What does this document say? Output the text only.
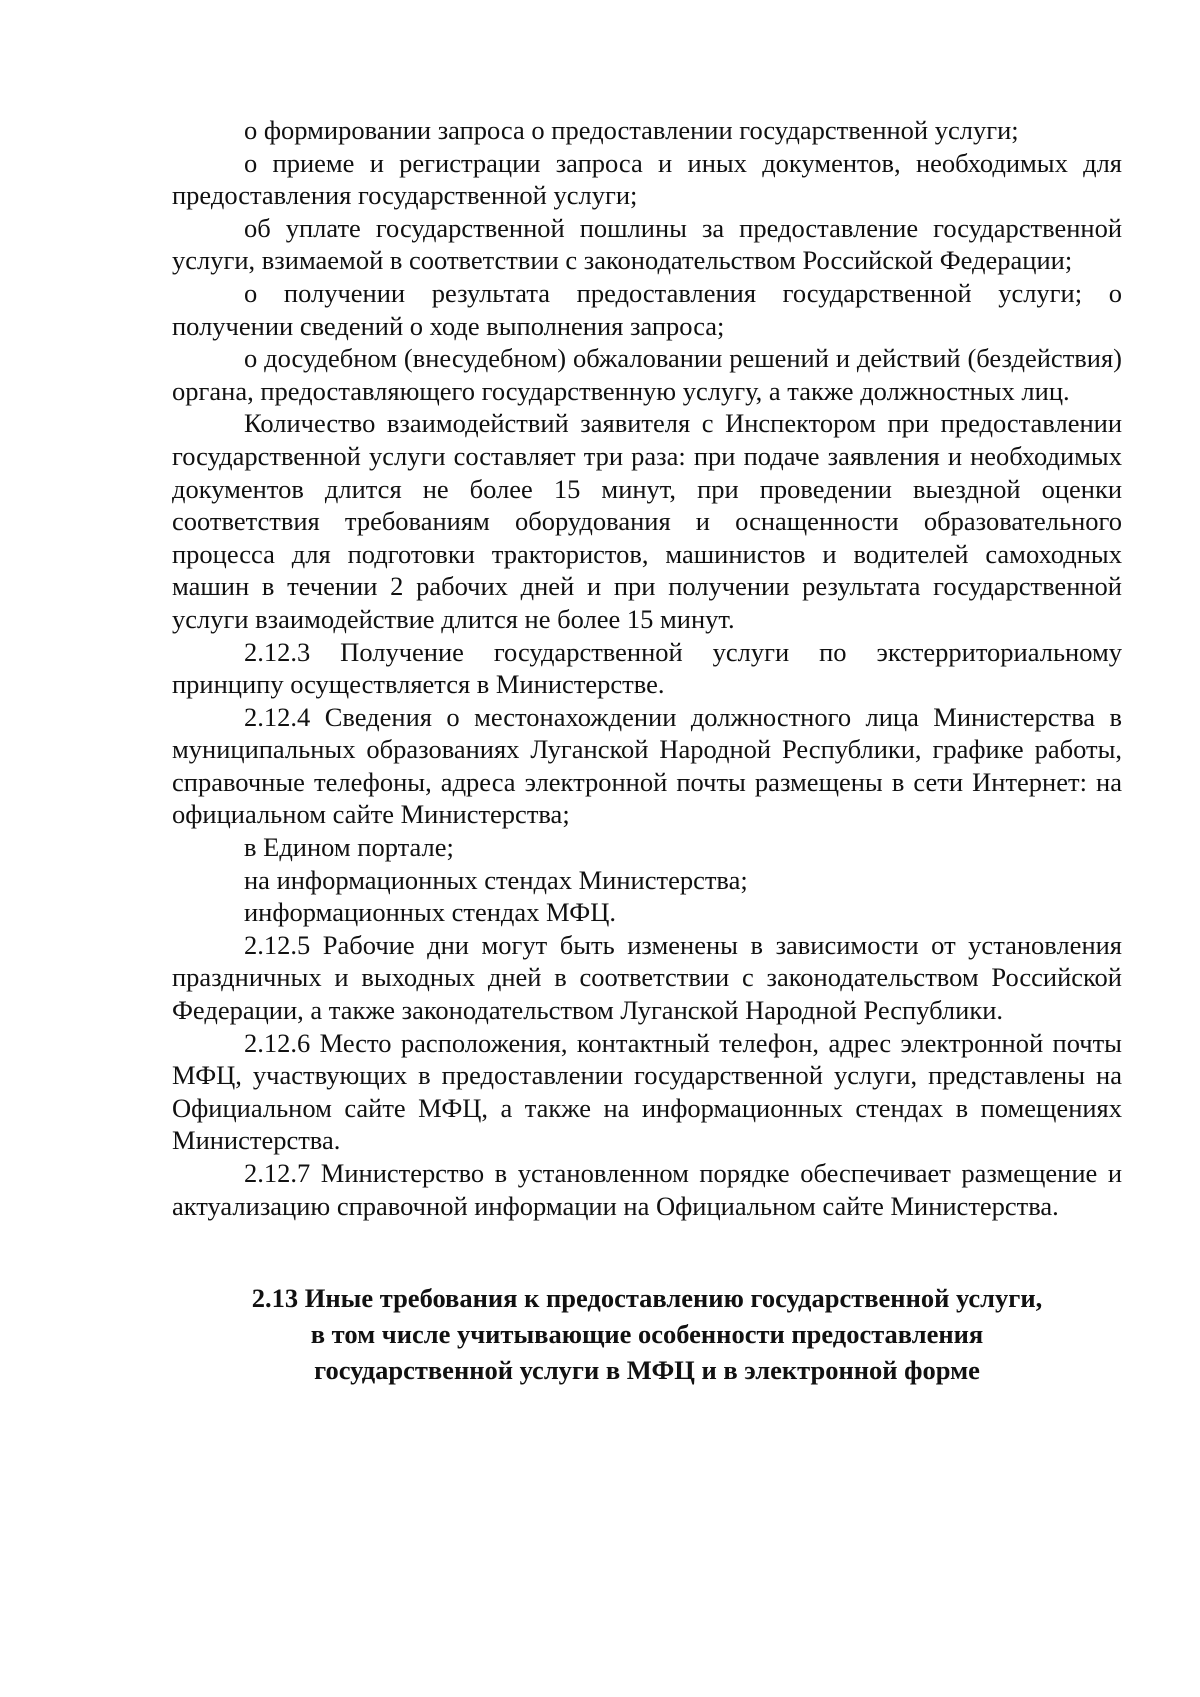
о формировании запроса о предоставлении государственной услуги;

о приеме и регистрации запроса и иных документов, необходимых для предоставления государственной услуги;

об уплате государственной пошлины за предоставление государственной услуги, взимаемой в соответствии с законодательством Российской Федерации;

о получении результата предоставления государственной услуги; о получении сведений о ходе выполнения запроса;

о досудебном (внесудебном) обжаловании решений и действий (бездействия) органа, предоставляющего государственную услугу, а также должностных лиц.

Количество взаимодействий заявителя с Инспектором при предоставлении государственной услуги составляет три раза: при подаче заявления и необходимых документов длится не более 15 минут, при проведении выездной оценки соответствия требованиям оборудования и оснащенности образовательного процесса для подготовки трактористов, машинистов и водителей самоходных машин в течении 2 рабочих дней и при получении результата государственной услуги взаимодействие длится не более 15 минут.

2.12.3 Получение государственной услуги по экстерриториальному принципу осуществляется в Министерстве.

2.12.4 Сведения о местонахождении должностного лица Министерства в муниципальных образованиях Луганской Народной Республики, графике работы, справочные телефоны, адреса электронной почты размещены в сети Интернет: на официальном сайте Министерства;

в Едином портале;

на информационных стендах Министерства;

информационных стендах МФЦ.

2.12.5 Рабочие дни могут быть изменены в зависимости от установления праздничных и выходных дней в соответствии с законодательством Российской Федерации, а также законодательством Луганской Народной Республики.

2.12.6 Место расположения, контактный телефон, адрес электронной почты МФЦ, участвующих в предоставлении государственной услуги, представлены на Официальном сайте МФЦ, а также на информационных стендах в помещениях Министерства.

2.12.7 Министерство в установленном порядке обеспечивает размещение и актуализацию справочной информации на Официальном сайте Министерства.

2.13 Иные требования к предоставлению государственной услуги,
в том числе учитывающие особенности предоставления
государственной услуги в МФЦ и в электронной форме
